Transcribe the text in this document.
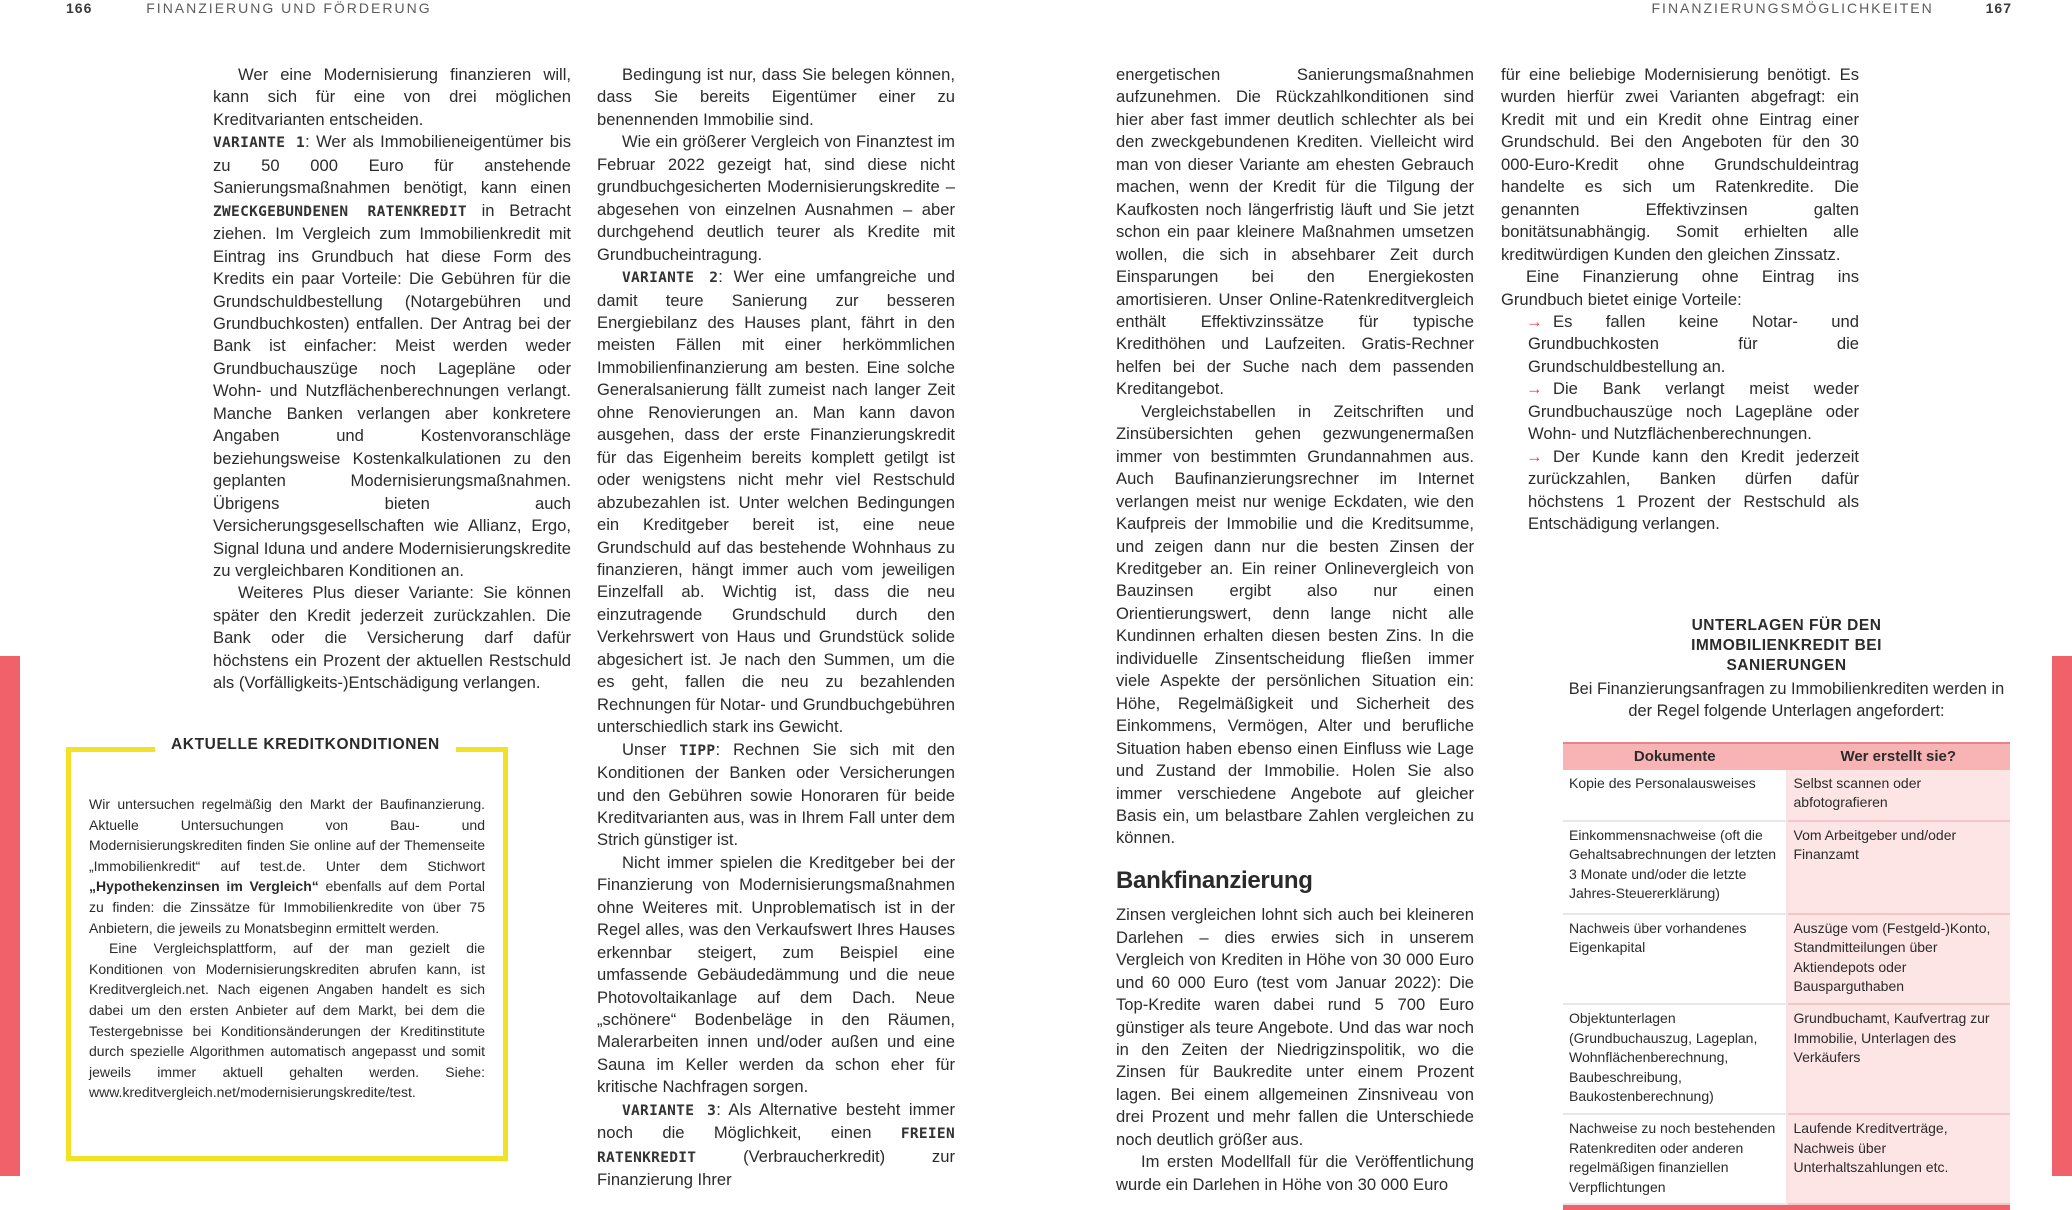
166	FINANZIERUNG UND FÖRDERUNG	FINANZIERUNGSMÖGLICHKEITEN	167

Wer eine Modernisierung finanzieren will, kann sich für eine von drei möglichen Kreditvarianten entscheiden.

VARIANTE 1: Wer als Immobilieneigentümer bis zu 50 000 Euro für anstehende Sanierungsmaßnahmen benötigt, kann einen ZWECKGEBUNDENEN RATENKREDIT in Betracht ziehen. Im Vergleich zum Immobilienkredit mit Eintrag ins Grundbuch hat diese Form des Kredits ein paar Vorteile: Die Gebühren für die Grundschuldbestellung (Notargebühren und Grundbuchkosten) entfallen. Der Antrag bei der Bank ist einfacher: Meist werden weder Grundbuchauszüge noch Lagepläne oder Wohn- und Nutzflächenberechnungen verlangt. Manche Banken verlangen aber konkretere Angaben und Kostenvoranschläge beziehungsweise Kostenkalkulationen zu den geplanten Modernisierungsmaßnahmen. Übrigens bieten auch Versicherungsgesellschaften wie Allianz, Ergo, Signal Iduna und andere Modernisierungskredite zu vergleichbaren Konditionen an.

Weiteres Plus dieser Variante: Sie können später den Kredit jederzeit zurückzahlen. Die Bank oder die Versicherung darf dafür höchstens ein Prozent der aktuellen Restschuld als (Vorfälligkeits-)Entschädigung verlangen.

AKTUELLE KREDITKONDITIONEN

Wir untersuchen regelmäßig den Markt der Baufinanzierung. Aktuelle Untersuchungen von Bau- und Modernisierungskrediten finden Sie online auf der Themenseite „Immobilienkredit“ auf test.de. Unter dem Stichwort „Hypothekenzinsen im Vergleich“ ebenfalls auf dem Portal zu finden: die Zinssätze für Immobilienkredite von über 75 Anbietern, die jeweils zu Monatsbeginn ermittelt werden.

Eine Vergleichsplattform, auf der man gezielt die Konditionen von Modernisierungskrediten abrufen kann, ist Kreditvergleich.net. Nach eigenen Angaben handelt es sich dabei um den ersten Anbieter auf dem Markt, bei dem die Testergebnisse bei Konditionsänderungen der Kreditinstitute durch spezielle Algorithmen automatisch angepasst und somit jeweils immer aktuell gehalten werden. Siehe: www.kreditvergleich.net/modernisierungskredite/test.

Bedingung ist nur, dass Sie belegen können, dass Sie bereits Eigentümer einer zu benennenden Immobilie sind.

Wie ein größerer Vergleich von Finanztest im Februar 2022 gezeigt hat, sind diese nicht grundbuchgesicherten Modernisierungskredite – abgesehen von einzelnen Ausnahmen – aber durchgehend deutlich teurer als Kredite mit Grundbucheintragung.

VARIANTE 2: Wer eine umfangreiche und damit teure Sanierung zur besseren Energiebilanz des Hauses plant, fährt in den meisten Fällen mit einer herkömmlichen Immobilienfinanzierung am besten. Eine solche Generalsanierung fällt zumeist nach langer Zeit ohne Renovierungen an. Man kann davon ausgehen, dass der erste Finanzierungskredit für das Eigenheim bereits komplett getilgt ist oder wenigstens nicht mehr viel Restschuld abzubezahlen ist. Unter welchen Bedingungen ein Kreditgeber bereit ist, eine neue Grundschuld auf das bestehende Wohnhaus zu finanzieren, hängt immer auch vom jeweiligen Einzelfall ab. Wichtig ist, dass die neu einzutragende Grundschuld durch den Verkehrswert von Haus und Grundstück solide abgesichert ist. Je nach den Summen, um die es geht, fallen die neu zu bezahlenden Rechnungen für Notar- und Grundbuchgebühren unterschiedlich stark ins Gewicht.

Unser TIPP: Rechnen Sie sich mit den Konditionen der Banken oder Versicherungen und den Gebühren sowie Honoraren für beide Kreditvarianten aus, was in Ihrem Fall unter dem Strich günstiger ist.

Nicht immer spielen die Kreditgeber bei der Finanzierung von Modernisierungsmaßnahmen ohne Weiteres mit. Unproblematisch ist in der Regel alles, was den Verkaufswert Ihres Hauses erkennbar steigert, zum Beispiel eine umfassende Gebäudedämmung und die neue Photovoltaikanlage auf dem Dach. Neue „schönere“ Bodenbeläge in den Räumen, Malerarbeiten innen und/oder außen und eine Sauna im Keller werden da schon eher für kritische Nachfragen sorgen.

VARIANTE 3: Als Alternative besteht immer noch die Möglichkeit, einen FREIEN RATENKREDIT (Verbraucherkredit) zur Finanzierung Ihrer

energetischen Sanierungsmaßnahmen aufzunehmen. Die Rückzahlkonditionen sind hier aber fast immer deutlich schlechter als bei den zweckgebundenen Krediten. Vielleicht wird man von dieser Variante am ehesten Gebrauch machen, wenn der Kredit für die Tilgung der Kaufkosten noch längerfristig läuft und Sie jetzt schon ein paar kleinere Maßnahmen umsetzen wollen, die sich in absehbarer Zeit durch Einsparungen bei den Energiekosten amortisieren. Unser Online-Ratenkreditvergleich enthält Effektivzinssätze für typische Kredithöhen und Laufzeiten. Gratis-Rechner helfen bei der Suche nach dem passenden Kreditangebot.

Vergleichstabellen in Zeitschriften und Zinsübersichten gehen gezwungenermaßen immer von bestimmten Grundannahmen aus. Auch Baufinanzierungsrechner im Internet verlangen meist nur wenige Eckdaten, wie den Kaufpreis der Immobilie und die Kreditsumme, und zeigen dann nur die besten Zinsen der Kreditgeber an. Ein reiner Onlinevergleich von Bauzinsen ergibt also nur einen Orientierungswert, denn lange nicht alle Kundinnen erhalten diesen besten Zins. In die individuelle Zinsentscheidung fließen immer viele Aspekte der persönlichen Situation ein: Höhe, Regelmäßigkeit und Sicherheit des Einkommens, Vermögen, Alter und berufliche Situation haben ebenso einen Einfluss wie Lage und Zustand der Immobilie. Holen Sie also immer verschiedene Angebote auf gleicher Basis ein, um belastbare Zahlen vergleichen zu können.

Bankfinanzierung

Zinsen vergleichen lohnt sich auch bei kleineren Darlehen – dies erwies sich in unserem Vergleich von Krediten in Höhe von 30 000 Euro und 60 000 Euro (test vom Januar 2022): Die Top-Kredite waren dabei rund 5 700 Euro günstiger als teure Angebote. Und das war noch in den Zeiten der Niedrigzinspolitik, wo die Zinsen für Baukredite unter einem Prozent lagen. Bei einem allgemeinen Zinsniveau von drei Prozent und mehr fallen die Unterschiede noch deutlich größer aus.

Im ersten Modellfall für die Veröffentlichung wurde ein Darlehen in Höhe von 30 000 Euro

für eine beliebige Modernisierung benötigt. Es wurden hierfür zwei Varianten abgefragt: ein Kredit mit und ein Kredit ohne Eintrag einer Grundschuld. Bei den Angeboten für den 30 000-Euro-Kredit ohne Grundschuldeintrag handelte es sich um Ratenkredite. Die genannten Effektivzinsen galten bonitätsunabhängig. Somit erhielten alle kreditwürdigen Kunden den gleichen Zinssatz.

Eine Finanzierung ohne Eintrag ins Grundbuch bietet einige Vorteile:

→ Es fallen keine Notar- und Grundbuchkosten für die Grundschuldbestellung an.

→ Die Bank verlangt meist weder Grundbuchauszüge noch Lagepläne oder Wohn- und Nutzflächenberechnungen.

→ Der Kunde kann den Kredit jederzeit zurückzahlen, Banken dürfen dafür höchstens 1 Prozent der Restschuld als Entschädigung verlangen.

UNTERLAGEN FÜR DEN IMMOBILIENKREDIT BEI SANIERUNGEN
Bei Finanzierungsanfragen zu Immobilienkrediten werden in der Regel folgende Unterlagen angefordert:
Dokumente	Wer erstellt sie?
Kopie des Personalausweises	Selbst scannen oder abfotografieren
Einkommensnachweise (oft die Gehaltsabrechnungen der letzten 3 Monate und/oder die letzte Jahres-Steuererklärung)	Vom Arbeitgeber und/oder Finanzamt
Nachweis über vorhandenes Eigenkapital	Auszüge vom (Festgeld-)Konto, Standmitteilungen über Aktiendepots oder Bausparguthaben
Objektunterlagen (Grundbuchauszug, Lageplan, Wohnflächenberechnung, Baubeschreibung, Baukostenberechnung)	Grundbuchamt, Kaufvertrag zur Immobilie, Unterlagen des Verkäufers
Nachweise zu noch bestehenden Ratenkrediten oder anderen regelmäßigen finanziellen Verpflichtungen	Laufende Kreditverträge, Nachweis über Unterhaltszahlungen etc.
